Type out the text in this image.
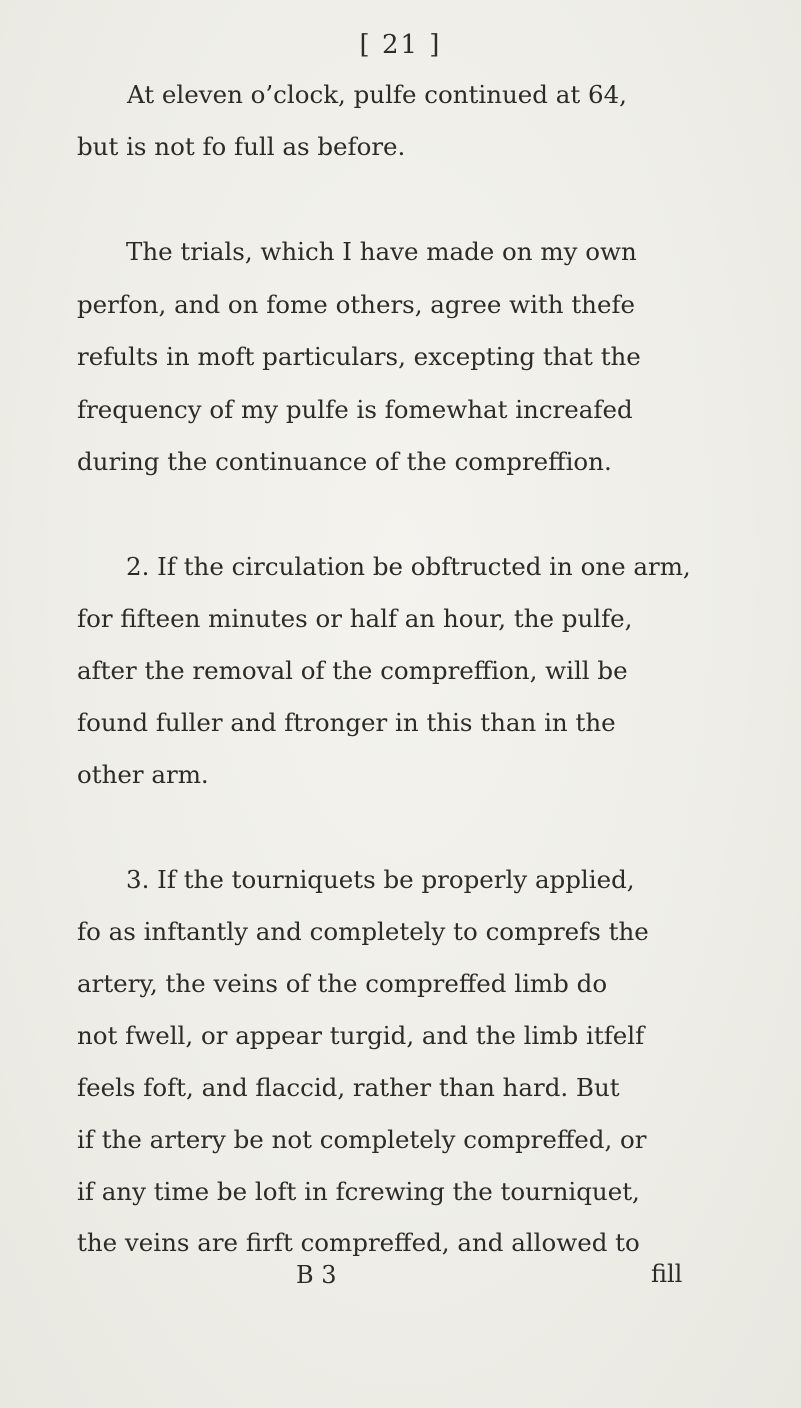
[ 21 ]
At eleven o’clock, pulfe continued at 64,
but is not fo full as before.
The trials, which I have made on my own
perfon, and on fome others, agree with thefe
refults in moft particulars, excepting that the
frequency of my pulfe is fomewhat increafed
during the continuance of the compreffion.
2. If the circulation be obftructed in one arm,
for fifteen minutes or half an hour, the pulfe,
after the removal of the compreffion, will be
found fuller and ftronger in this than in the
other arm.
3. If the tourniquets be properly applied,
fo as inftantly and completely to comprefs the
artery, the veins of the compreffed limb do
not fwell, or appear turgid, and the limb itfelf
feels foft, and flaccid, rather than hard. But
if the artery be not completely compreffed, or
if any time be loft in fcrewing the tourniquet,
the veins are firft compreffed, and allowed to
B 3	fill
